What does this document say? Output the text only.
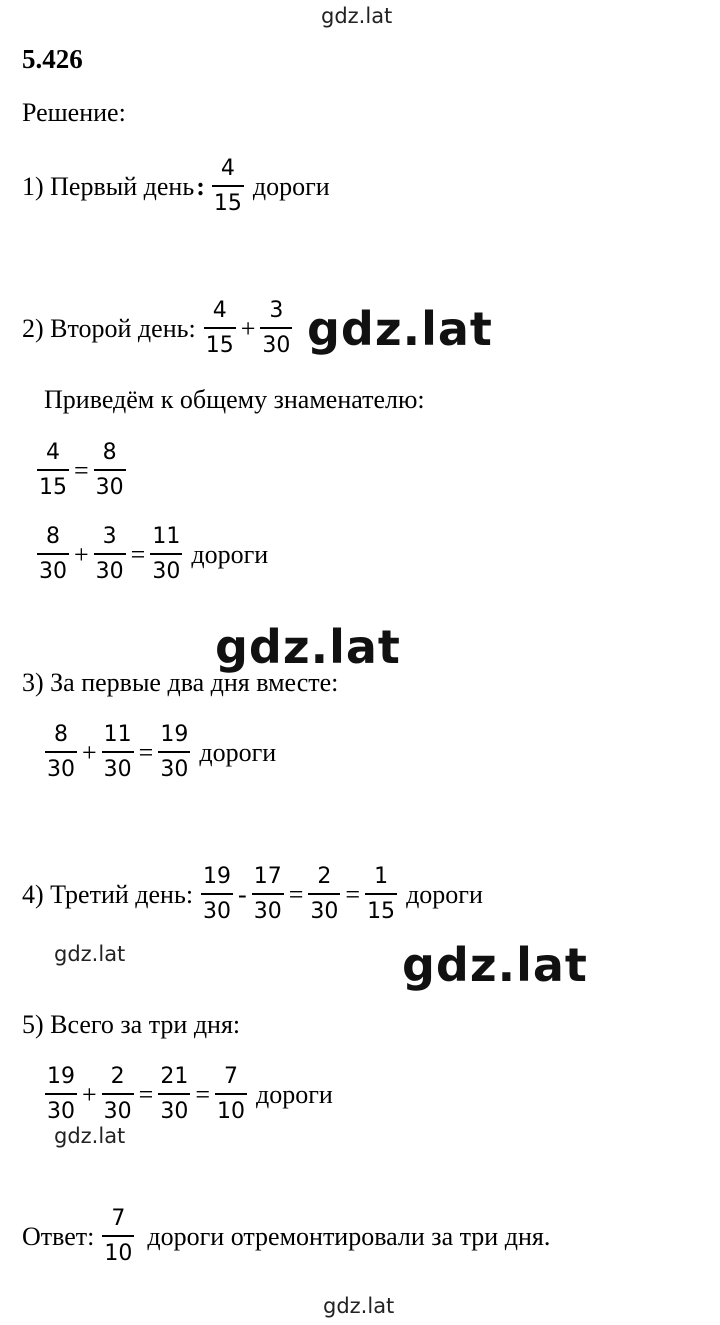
gdz.lat
5.426
Решение:
1) Первый день : $\frac{4}{15}$ дороги
2) Второй день: $\frac{4}{15} + \frac{3}{30} gdz.lat$
Приведём к общему знаменателю:
$\frac{4}{15} = \frac{8}{30}$
$\frac{8}{30} + \frac{3}{30} = \frac{11}{30}$ дороги
gdz.lat
3) За первые два дня вместе:
$\frac{8}{30} + \frac{11}{30} = \frac{19}{30}$ дороги
4) Третий день: $\frac{19}{30} - \frac{17}{30} = \frac{2}{30} = \frac{1}{15}$ дороги
gdz.lat	gdz.lat
5) Всего за три дня:
$\frac{19}{30} + \frac{2}{30} = \frac{21}{30} = \frac{7}{10}$ дороги
gdz.lat
Ответ: $\frac{7}{10}$ дороги отремонтировали за три дня.
gdz.lat
